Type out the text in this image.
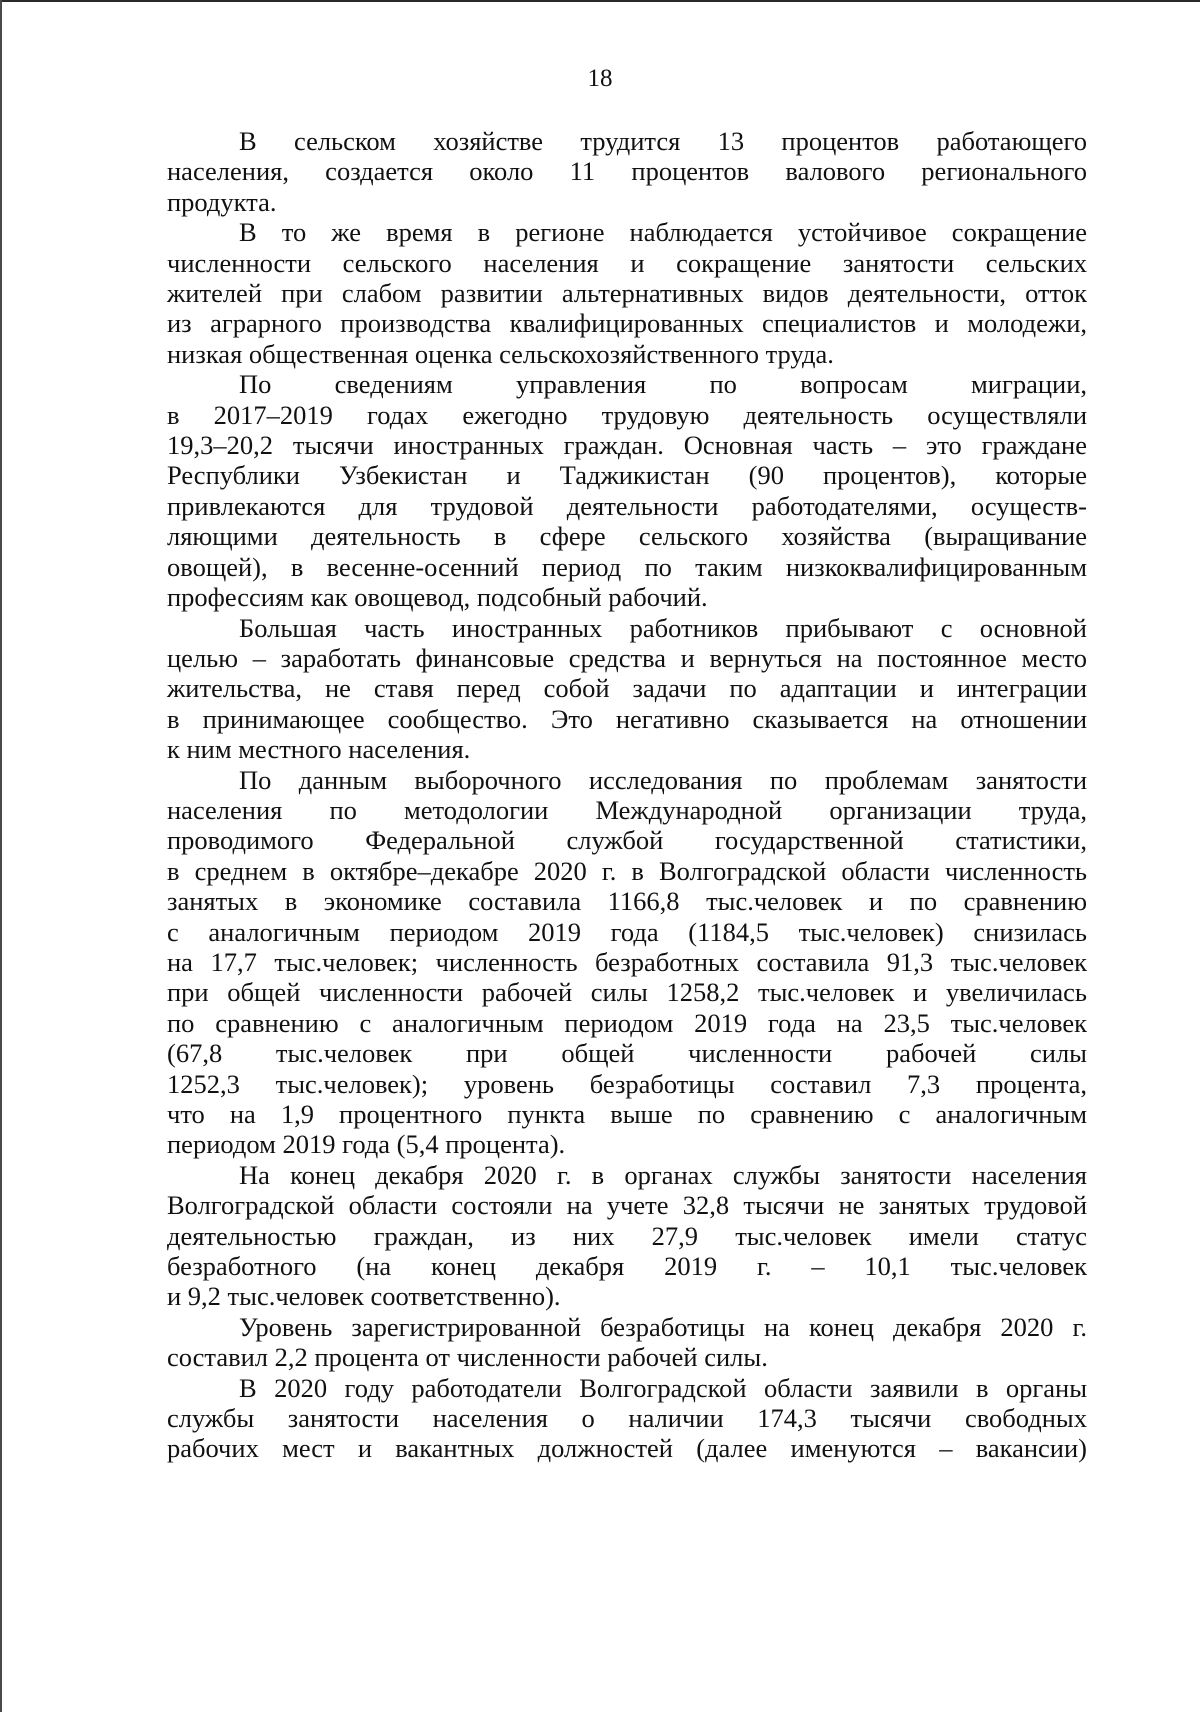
18
В сельском хозяйстве трудится 13 процентов работающего
населения, создается около 11 процентов валового регионального
продукта.
В то же время в регионе наблюдается устойчивое сокращение
численности сельского населения и сокращение занятости сельских
жителей при слабом развитии альтернативных видов деятельности, отток
из аграрного производства квалифицированных специалистов и молодежи,
низкая общественная оценка сельскохозяйственного труда.
По сведениям управления по вопросам миграции,
в 2017–2019 годах ежегодно трудовую деятельность осуществляли
19,3–20,2 тысячи иностранных граждан. Основная часть – это граждане
Республики Узбекистан и Таджикистан (90 процентов), которые
привлекаются для трудовой деятельности работодателями, осуществ-
ляющими деятельность в сфере сельского хозяйства (выращивание
овощей), в весенне-осенний период по таким низкоквалифицированным
профессиям как овощевод, подсобный рабочий.
Большая часть иностранных работников прибывают с основной
целью – заработать финансовые средства и вернуться на постоянное место
жительства, не ставя перед собой задачи по адаптации и интеграции
в принимающее сообщество. Это негативно сказывается на отношении
к ним местного населения.
По данным выборочного исследования по проблемам занятости
населения по методологии Международной организации труда,
проводимого Федеральной службой государственной статистики,
в среднем в октябре–декабре 2020 г. в Волгоградской области численность
занятых в экономике составила 1166,8 тыс.человек и по сравнению
с аналогичным периодом 2019 года (1184,5 тыс.человек) снизилась
на 17,7 тыс.человек; численность безработных составила 91,3 тыс.человек
при общей численности рабочей силы 1258,2 тыс.человек и увеличилась
по сравнению с аналогичным периодом 2019 года на 23,5 тыс.человек
(67,8 тыс.человек при общей численности рабочей силы
1252,3 тыс.человек); уровень безработицы составил 7,3 процента,
что на 1,9 процентного пункта выше по сравнению с аналогичным
периодом 2019 года (5,4 процента).
На конец декабря 2020 г. в органах службы занятости населения
Волгоградской области состояли на учете 32,8 тысячи не занятых трудовой
деятельностью граждан, из них 27,9 тыс.человек имели статус
безработного (на конец декабря 2019 г. – 10,1 тыс.человек
и 9,2 тыс.человек соответственно).
Уровень зарегистрированной безработицы на конец декабря 2020 г.
составил 2,2 процента от численности рабочей силы.
В 2020 году работодатели Волгоградской области заявили в органы
службы занятости населения о наличии 174,3 тысячи свободных
рабочих мест и вакантных должностей (далее именуются – вакансии)
